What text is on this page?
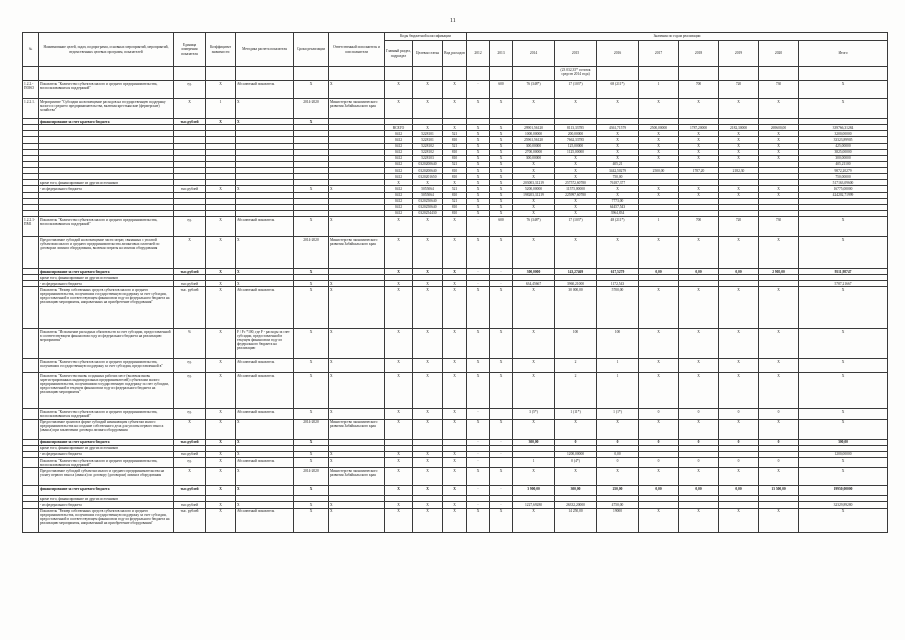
11
№	Наименование целей, задач, подпрограмм, основных мероприятий, мероприятий, ведомственных целевых программ, показателей	Единица измерения показателя	Коэффициент значимости	Методика расчета показателя	Сроки реализации	Ответственный исполнитель и соисполнители	Коды бюджетной классификации			Значения по годам реализации									
							Главный раздел, подраздел	Целевая статья	Вид расходов	2012	2013	2014	2015	2016	2017	2018	2019	2020	Итого
													(23 032,35* остаток средств 2014 года)						
1.2.2.- ПОКО	Показатель "Количество субъектов малого и среднего предпринимательства, воспользовавшихся поддержкой"	ед.	X	Абсолютный показатель	X	X	X	X	X	-	600	76 (348*)	17 (103*)	68 (211*)	1	700	720	730	X
1.2.2.1.	Мероприятие "Субсидии на возмещение расходов на государственную поддержку малого и среднего предпринимательства, включая крестьянские (фермерские) хозяйства"	X	1	X	2014-2020	Министерство экономического развития Забайкальского края	X	X	X	X	X	X	X	X	X	X	X	X	X
	финансирование за счет краевого бюджета	тыс.рублей	X	X	X														
							ВСЕГО	X	X	X	X	29901,56120	8113,33785	4361,71579	2500,00000	1787,20000	2182,30000	269600,00	339766,31284
							0412	5228101	521	X	X	1000,00000	200,00000	X	X	X	X	X	3200,00000
							0412	5228101	810	X	X	25961,56120	7662,33785	X	X	X	X	X	33323,89905
							0412	5228102	521	X	X	300,00000	125,00000	X	X	X	X	X	425,00000
							0412	5228102	810	X	X	2700,00000	1125,00000	X	X	X	X	X	3825,00000
							0412	5228103	810	X	X	300,00000	X	X	X	X	X	X	300,00000
							0412	0320200640	521	X	X	X	X	405,21					405,21100
							0412	0320200640	810	X	X	X	X	3442,50279	2500,00	1787,20	2182,30		9872,20279
							0412	0320201650	810	X	X	X	X	750,00					750,00000
	кроме того, финансирование из других источников						X	X	X	X	X	203003,31219	257572,60780	76187,377					517163,09600
	- из федерального бюджета	тыс.рублей	X	X	X	X	0412	5055064	521	X	X	5200,00000	11575,00000	X	X	X	X	X	16775,00000
							0412	5055064	810	X	X	198203,31219	225997,60780	X	X	X	X	X	424202,71999
							0412	0320250640	521	X	X	X	X	7773,00					
							0412	0320250640	810	X	X	X	X	64457,543					
							0412	0320254430	810	X	X	X	X	3964,834					
1.2.2.1- ПМ1	Показатель "Количество субъектов малого и среднего предпринимательства, воспользовавшихся поддержкой"	ед.	X	Абсолютный показатель	X	X	X	X	X	-	600	76 (348*)	17 (103*)	48 (211*)	1	700	720	730	X
	Предоставление субсидий на возмещение части затрат, связанных с уплатой субъектами малого и среднего предпринимательства лизинговых платежей по договорам лизинга оборудования, включая затраты на монтаж оборудования	X	X	X	2014-2020	Министерство экономического развития Забайкальского края	X	X	X	X	X	X	X	X	X	X	X	X	X
	финансирование за счет краевого бюджета	тыс.рублей	X	X	X		X	X	X	-	-	300,0000	143,27469	617,5279	0,00	0,00	0,00	2 905,00	9511,98747
	кроме того, финансирование из других источников																		
	- из федерального бюджета	тыс.рублей	X	X	X	X	X	X	X	-	-	634,45667	3960,21000	1172,543					5787,21667
	Показатель "Размер собственных средств субъектов малого и среднего предпринимательства, получивших государственную поддержку за счет субсидии, предоставленной в соответствующем финансовом году из федерального бюджета на реализацию мероприятия, направленных на приобретение оборудования"	тыс. рублей	X	Абсолютный показатель	X	X	X	X	X	X	X	X	30 000,00	5700,00	X	X	X	X	X
	Показатель "Исполнение расходных обязательств за счет субсидии, предоставленной в соответствующем финансовом году из федерального бюджета на реализацию мероприятия"	%	X	F / Fc *100, где F - расходы за счет субсидии, предоставленной в текущем финансовом году из федерального бюджета на реализацию	X	X	X	X	X	X	X	X	100	100	X	X	X	X	X
	Показатель "Количество субъектов малого и среднего предпринимательства, получивших государственную поддержку за счет субсидии, предоставленной в"	ед.	X	Абсолютный показатель	X	X	X	X	X	X	X	X	2	1	X	X	X	X	X
	Показатель "Количество вновь созданных рабочих мест (включая вновь зарегистрированных индивидуальных предпринимателей) субъектами малого предпринимательства, получившими государственную поддержку за счет субсидии, предоставленной в текущем финансовом году из федерального бюджета на реализацию мероприятия"	ед.	X	Абсолютный показатель	X	X	X	X	X	X	X	X	2	1	X	X	X	X	X
	Показатель "Количество субъектов малого и среднего предпринимательства, воспользовавшихся поддержкой"	ед.	X	Абсолютный показатель	X	X	X	X	X	-		3 (5*)	1 (11*)	1 (1*)	0	0	0	0	X
	Предоставление грантов в форме субсидий начинающим субъектам малого предпринимательства на создание собственного дела для уплаты первого взноса (аванса) при заключении договора лизинга оборудования	X	X	X	2014-2020	Министерство экономического развития Забайкальского края	X	X	X	X	X	X	X	X	X	X	X	X	X
	финансирование за счет краевого бюджета	тыс.рублей	X	X	X					-	-	300,00	0	0	0	0	0	0	300,00
	кроме того, финансирование из других источников																		
	- из федерального бюджета	тыс.рублей	X	X	X	X	X	X	X	-	-		1200,00000	0,00					1200,00000
	Показатель "Количество субъектов малого и среднего предпринимательства, воспользовавшихся поддержкой"	ед.	X	Абсолютный показатель	X	X	X	X	X	-		1	0 (4*)	0	0	0	0	0	X
	Предоставление субсидий субъектам малого и среднего предпринимательства на уплату первого взноса (аванса) по договору (договорам) лизинга оборудования	X	X	X	2014-2020	Министерство экономического развития Забайкальского края	X	X	X	X	X	X	X	X	X	X	X	X	X
	финансирование за счет краевого бюджета	тыс.рублей	X	X	X		X	X	X	-	-	3 900,00	300,00	250,00	0,00	0,00	0,00	13 500,00	19950,00000
	кроме того, финансирование из других источников																		
	- из федерального бюджета	тыс.рублей	X	X	X	X	X	X	X	-	-	1227,69280	26332,20000	4750,00					32329,89280
	Показатель "Размер собственных средств субъектов малого и среднего предпринимательства, получивших государственную поддержку за счет субсидии, предоставленной в соответствующем финансовом году из федерального бюджета на реализацию мероприятия, направленный на приобретение оборудования"	тыс. рублей	X	Абсолютный показатель	X	X	X	X	X	X	X	X	14 250,00	19000	X	X	X	X	X
